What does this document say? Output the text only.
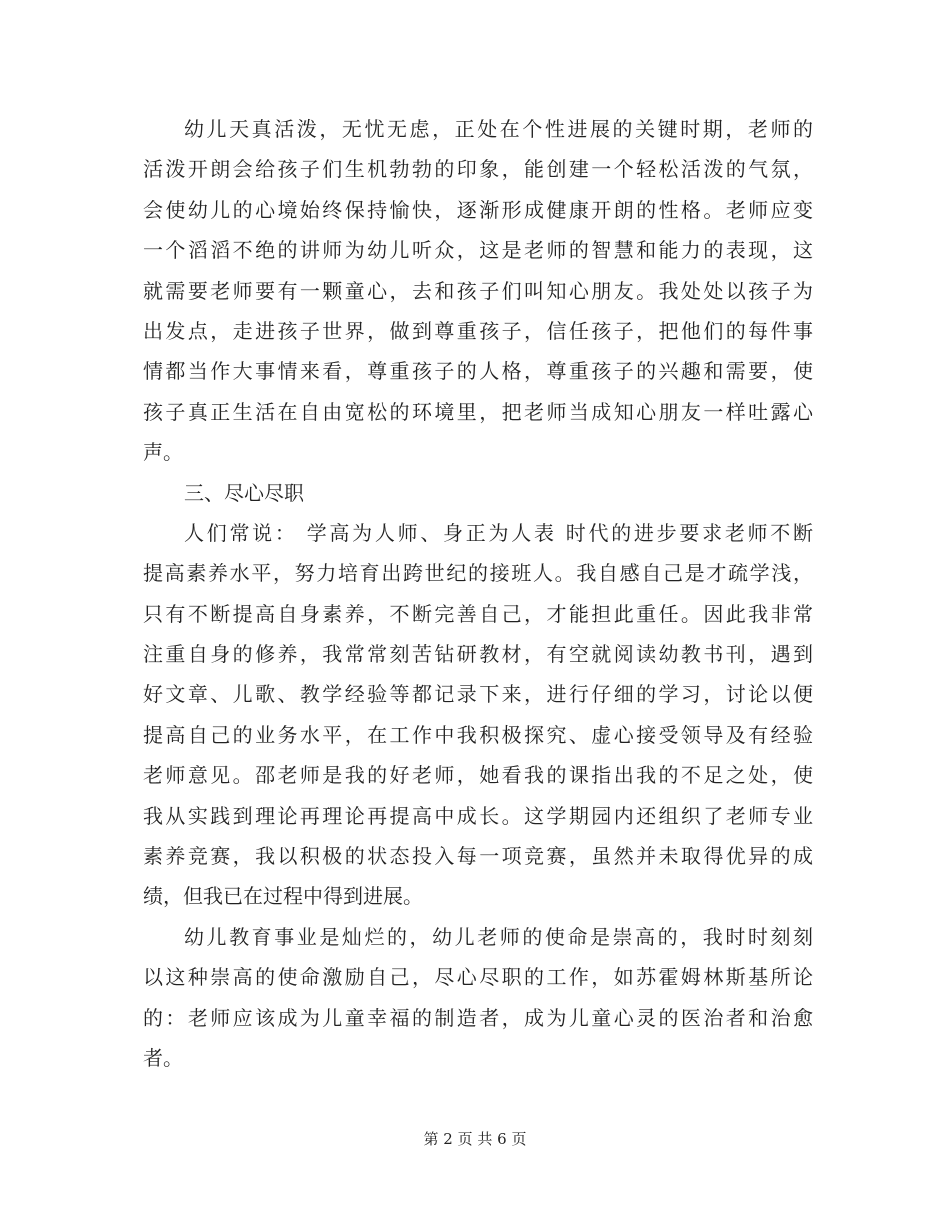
幼儿天真活泼，无忧无虑，正处在个性进展的关键时期，老师的
活泼开朗会给孩子们生机勃勃的印象，能创建一个轻松活泼的气氛，
会使幼儿的心境始终保持愉快，逐渐形成健康开朗的性格。老师应变
一个滔滔不绝的讲师为幼儿听众，这是老师的智慧和能力的表现，这
就需要老师要有一颗童心，去和孩子们叫知心朋友。我处处以孩子为
出发点，走进孩子世界，做到尊重孩子，信任孩子，把他们的每件事
情都当作大事情来看，尊重孩子的人格，尊重孩子的兴趣和需要，使
孩子真正生活在自由宽松的环境里，把老师当成知心朋友一样吐露心
声。
三、尽心尽职
人们常说： 学高为人师、身正为人表 时代的进步要求老师不断
提高素养水平，努力培育出跨世纪的接班人。我自感自己是才疏学浅，
只有不断提高自身素养，不断完善自己，才能担此重任。因此我非常
注重自身的修养，我常常刻苦钻研教材，有空就阅读幼教书刊，遇到
好文章、儿歌、教学经验等都记录下来，进行仔细的学习，讨论以便
提高自己的业务水平，在工作中我积极探究、虚心接受领导及有经验
老师意见。邵老师是我的好老师，她看我的课指出我的不足之处，使
我从实践到理论再理论再提高中成长。这学期园内还组织了老师专业
素养竞赛，我以积极的状态投入每一项竞赛，虽然并未取得优异的成
绩，但我已在过程中得到进展。
幼儿教育事业是灿烂的，幼儿老师的使命是崇高的，我时时刻刻
以这种崇高的使命激励自己，尽心尽职的工作，如苏霍姆林斯基所论
的：老师应该成为儿童幸福的制造者，成为儿童心灵的医治者和治愈
者。
第 2 页 共 6 页
